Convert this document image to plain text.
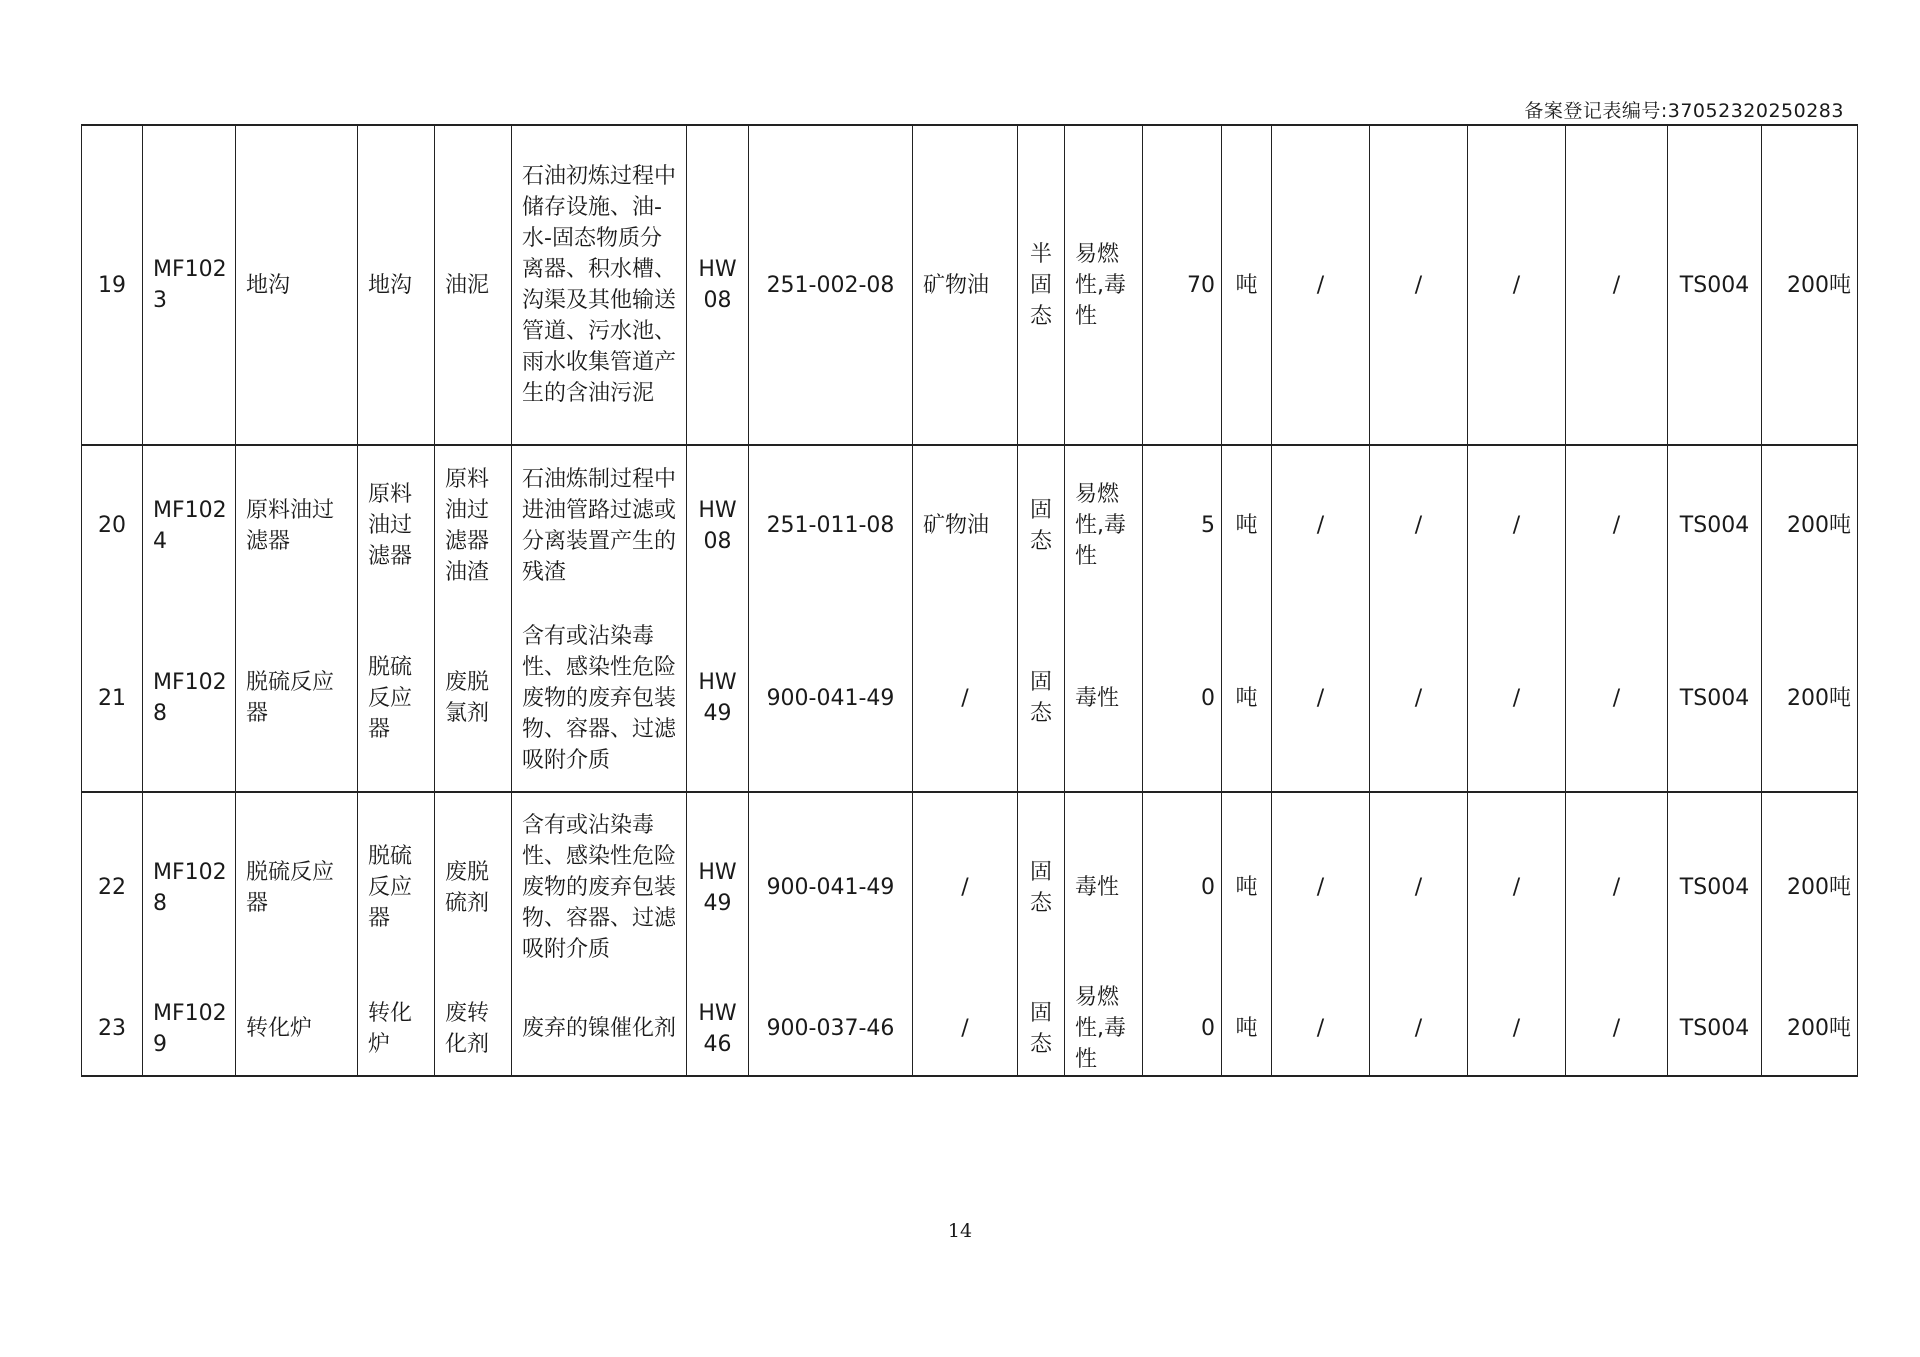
备案登记表编号:37052320250283
19	MF1023	地沟	地沟	油泥	石油初炼过程中储存设施、油-水-固态物质分离器、积水槽、沟渠及其他输送管道、污水池、雨水收集管道产生的含油污泥	HW08	251-002-08	矿物油	半固态	易燃性,毒性	70	吨	/	/	/	/	TS004	200吨
20	MF1024	原料油过滤器	原料油过滤器	原料油过滤器油渣	石油炼制过程中进油管路过滤或分离装置产生的残渣	HW08	251-011-08	矿物油	固态	易燃性,毒性	5	吨	/	/	/	/	TS004	200吨
21	MF1028	脱硫反应器	脱硫反应器	废脱氯剂	含有或沾染毒性、感染性危险废物的废弃包装物、容器、过滤吸附介质	HW49	900-041-49	/	固态	毒性	0	吨	/	/	/	/	TS004	200吨
22	MF1028	脱硫反应器	脱硫反应器	废脱硫剂	含有或沾染毒性、感染性危险废物的废弃包装物、容器、过滤吸附介质	HW49	900-041-49	/	固态	毒性	0	吨	/	/	/	/	TS004	200吨
23	MF1029	转化炉	转化炉	废转化剂	废弃的镍催化剂	HW46	900-037-46	/	固态	易燃性,毒性	0	吨	/	/	/	/	TS004	200吨
14
